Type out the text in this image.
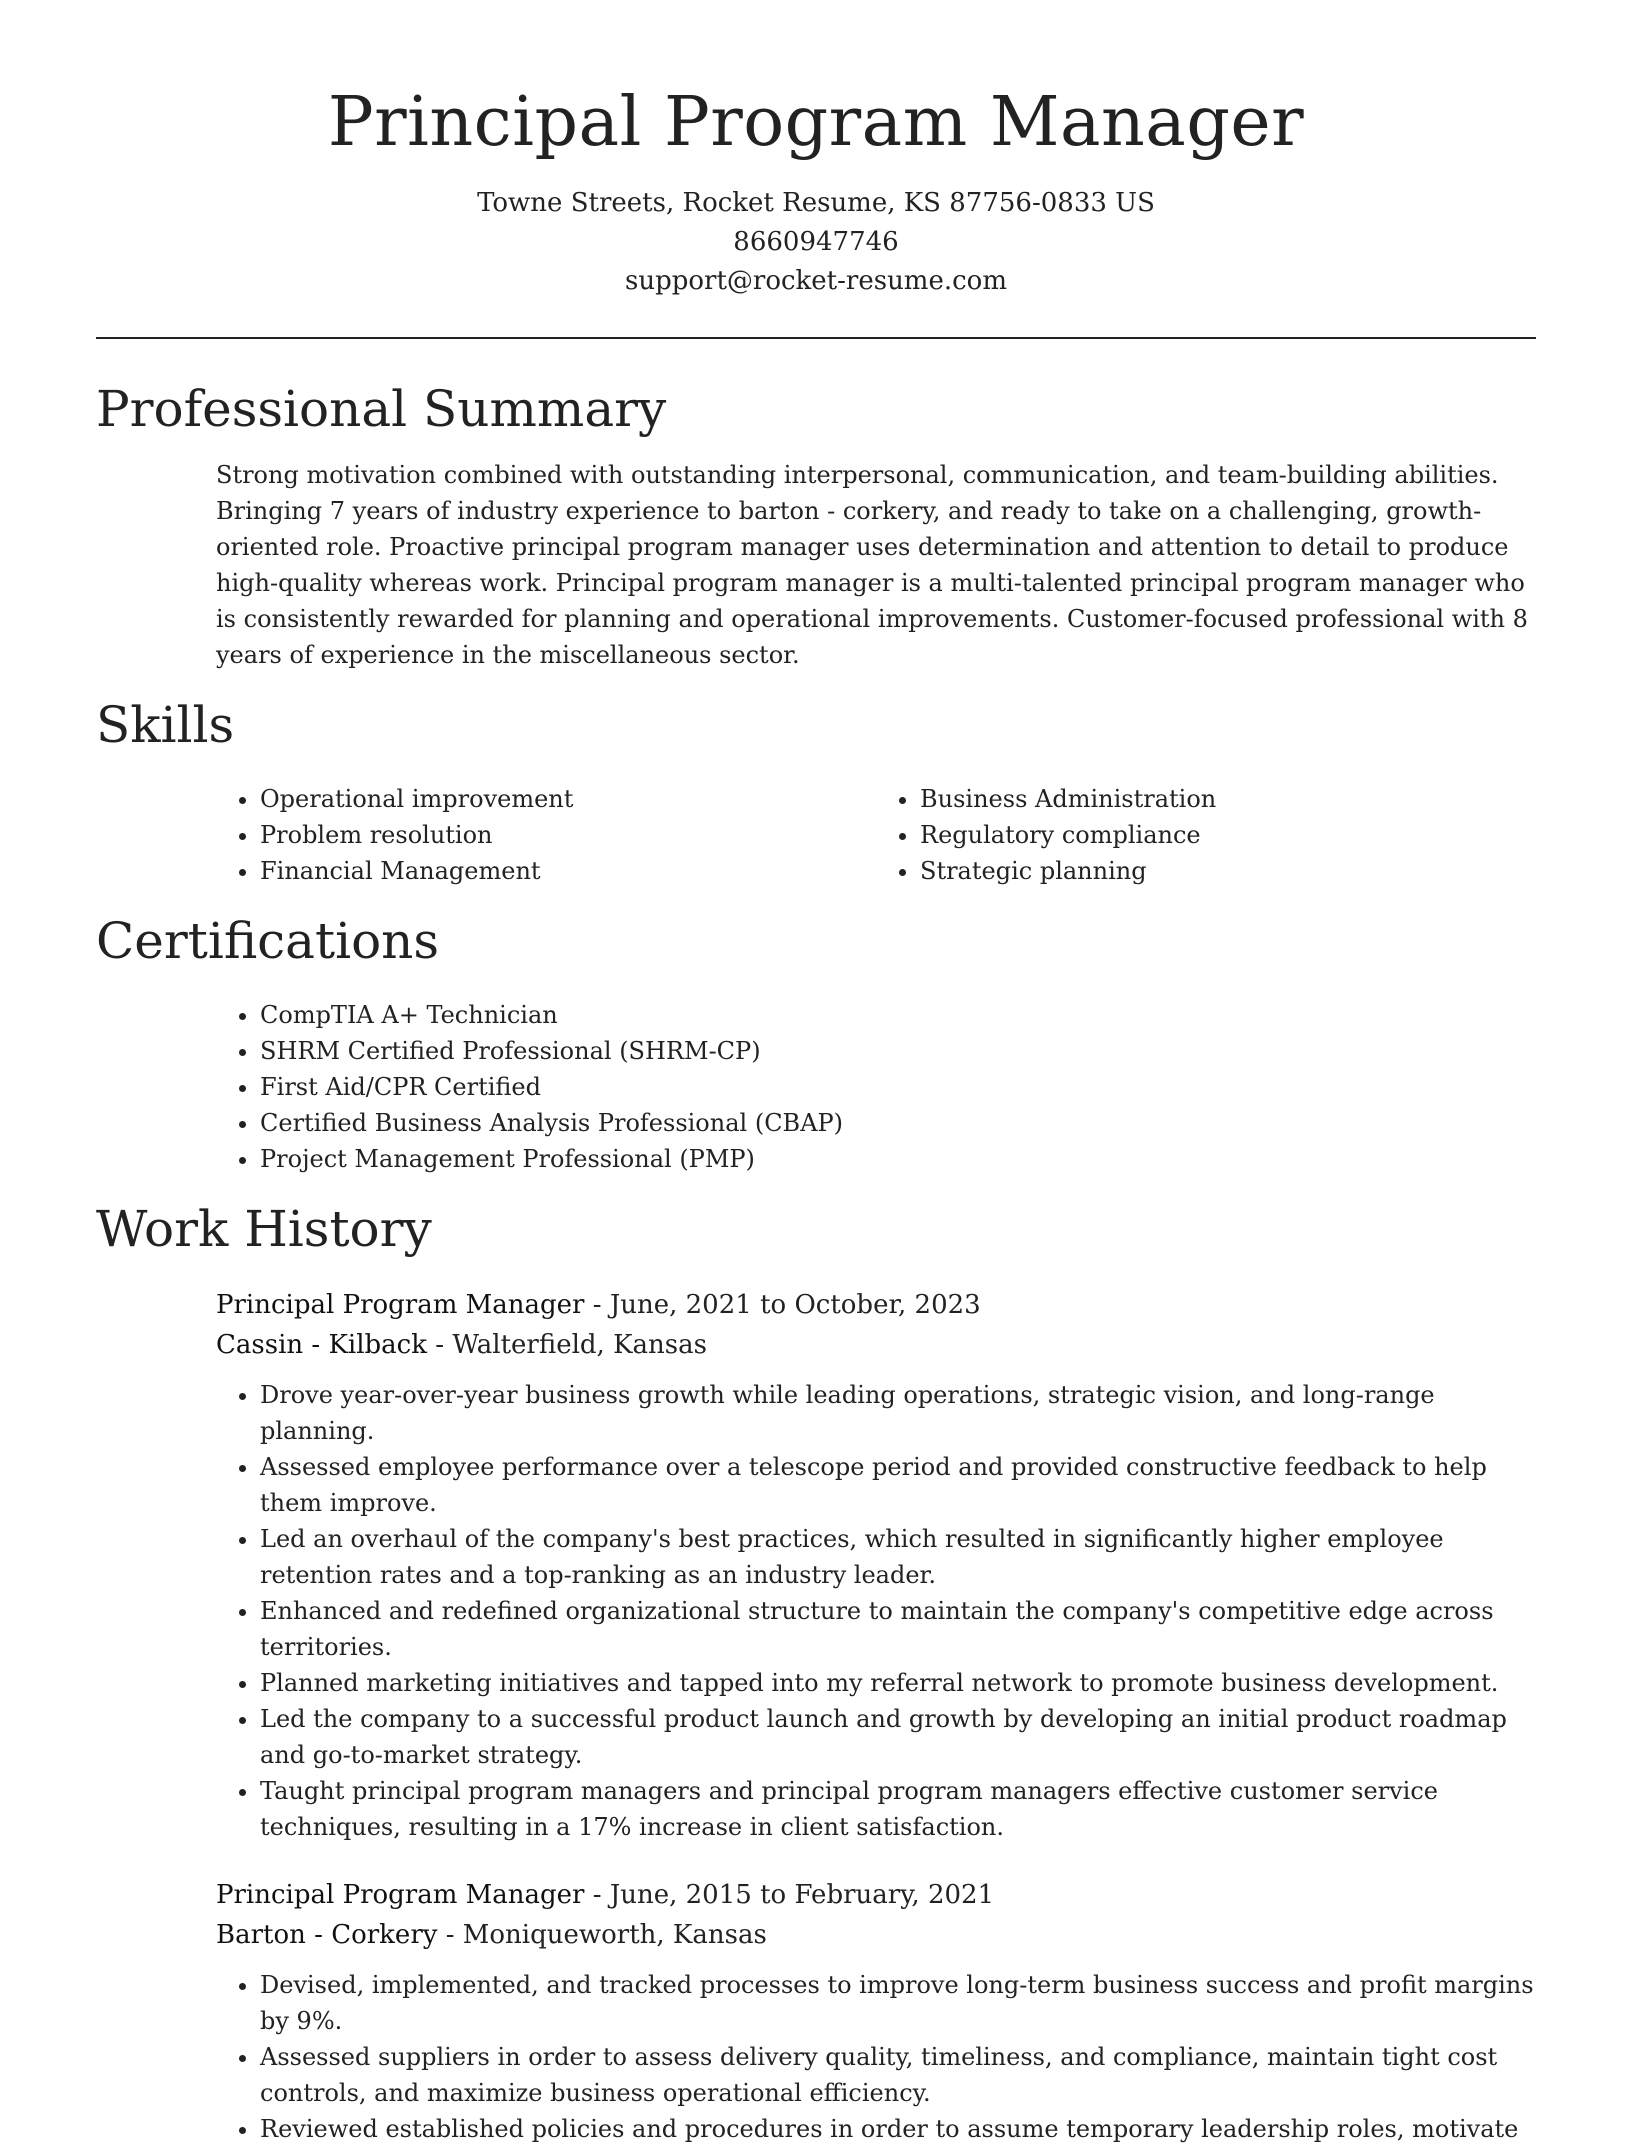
Principal Program Manager
Towne Streets, Rocket Resume, KS 87756-0833 US
8660947746
support@rocket-resume.com
Professional Summary
Strong motivation combined with outstanding interpersonal, communication, and team-building abilities. Bringing 7 years of industry experience to barton - corkery, and ready to take on a challenging, growth-oriented role. Proactive principal program manager uses determination and attention to detail to produce high-quality whereas work. Principal program manager is a multi-talented principal program manager who is consistently rewarded for planning and operational improvements. Customer-focused professional with 8 years of experience in the miscellaneous sector.
Skills
• Operational improvement
• Problem resolution
• Financial Management
• Business Administration
• Regulatory compliance
• Strategic planning
Certifications
• CompTIA A+ Technician
• SHRM Certified Professional (SHRM-CP)
• First Aid/CPR Certified
• Certified Business Analysis Professional (CBAP)
• Project Management Professional (PMP)
Work History
Principal Program Manager - June, 2021 to October, 2023
Cassin - Kilback - Walterfield, Kansas
• Drove year-over-year business growth while leading operations, strategic vision, and long-range planning.
• Assessed employee performance over a telescope period and provided constructive feedback to help them improve.
• Led an overhaul of the company's best practices, which resulted in significantly higher employee retention rates and a top-ranking as an industry leader.
• Enhanced and redefined organizational structure to maintain the company's competitive edge across territories.
• Planned marketing initiatives and tapped into my referral network to promote business development.
• Led the company to a successful product launch and growth by developing an initial product roadmap and go-to-market strategy.
• Taught principal program managers and principal program managers effective customer service techniques, resulting in a 17% increase in client satisfaction.
Principal Program Manager - June, 2015 to February, 2021
Barton - Corkery - Moniqueworth, Kansas
• Devised, implemented, and tracked processes to improve long-term business success and profit margins by 9%.
• Assessed suppliers in order to assess delivery quality, timeliness, and compliance, maintain tight cost controls, and maximize business operational efficiency.
• Reviewed established policies and procedures in order to assume temporary leadership roles, motivate
